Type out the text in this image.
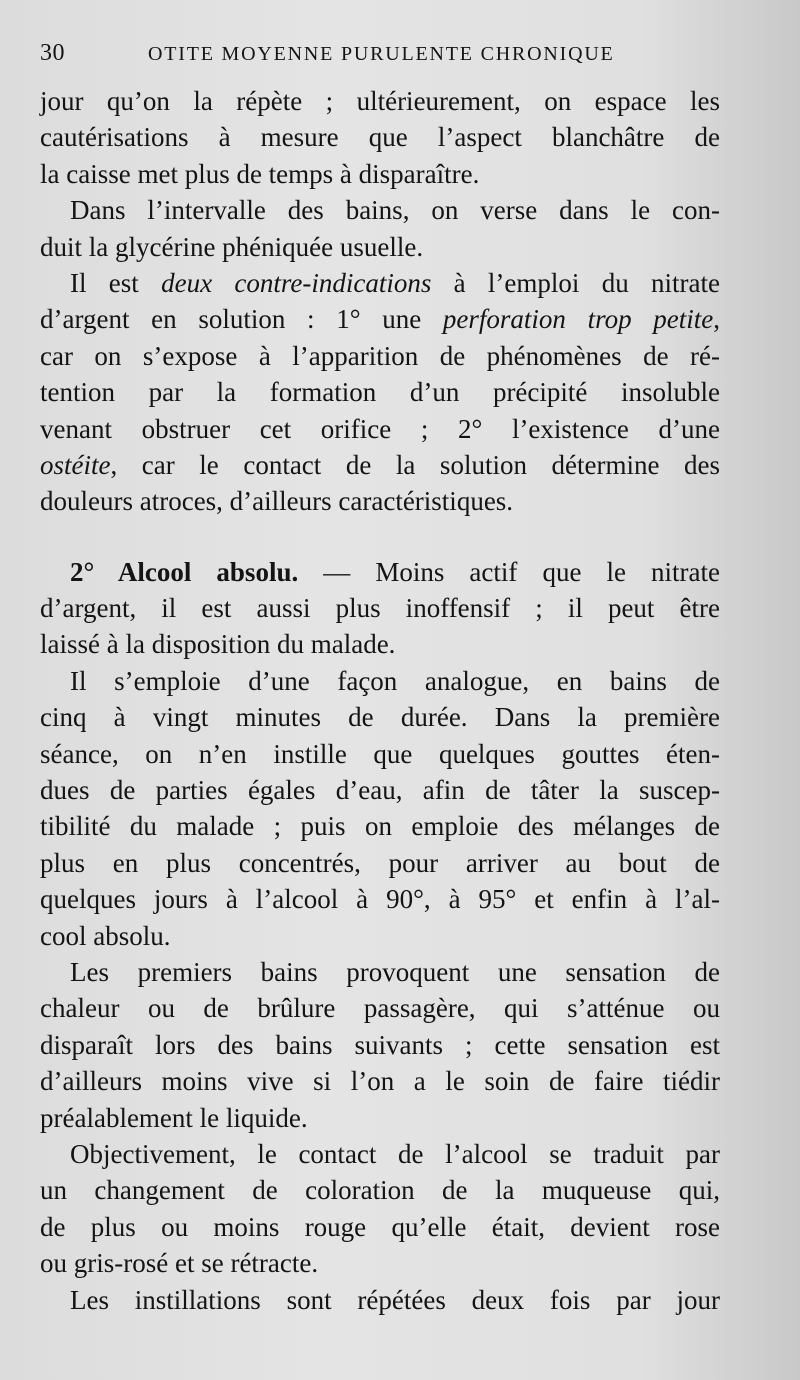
30	OTITE MOYENNE PURULENTE CHRONIQUE
jour qu’on la répète ; ultérieurement, on espace les
cautérisations à mesure que l’aspect blanchâtre de
la caisse met plus de temps à disparaître.
Dans l’intervalle des bains, on verse dans le con-
duit la glycérine phéniquée usuelle.
Il est deux contre-indications à l’emploi du nitrate
d’argent en solution : 1° une perforation trop petite,
car on s’expose à l’apparition de phénomènes de ré-
tention par la formation d’un précipité insoluble
venant obstruer cet orifice ; 2° l’existence d’une
ostéite, car le contact de la solution détermine des
douleurs atroces, d’ailleurs caractéristiques.
2° Alcool absolu. — Moins actif que le nitrate
d’argent, il est aussi plus inoffensif ; il peut être
laissé à la disposition du malade.
Il s’emploie d’une façon analogue, en bains de
cinq à vingt minutes de durée. Dans la première
séance, on n’en instille que quelques gouttes éten-
dues de parties égales d’eau, afin de tâter la suscep-
tibilité du malade ; puis on emploie des mélanges de
plus en plus concentrés, pour arriver au bout de
quelques jours à l’alcool à 90°, à 95° et enfin à l’al-
cool absolu.
Les premiers bains provoquent une sensation de
chaleur ou de brûlure passagère, qui s’atténue ou
disparaît lors des bains suivants ; cette sensation est
d’ailleurs moins vive si l’on a le soin de faire tiédir
préalablement le liquide.
Objectivement, le contact de l’alcool se traduit par
un changement de coloration de la muqueuse qui,
de plus ou moins rouge qu’elle était, devient rose
ou gris-rosé et se rétracte.
Les instillations sont répétées deux fois par jour
